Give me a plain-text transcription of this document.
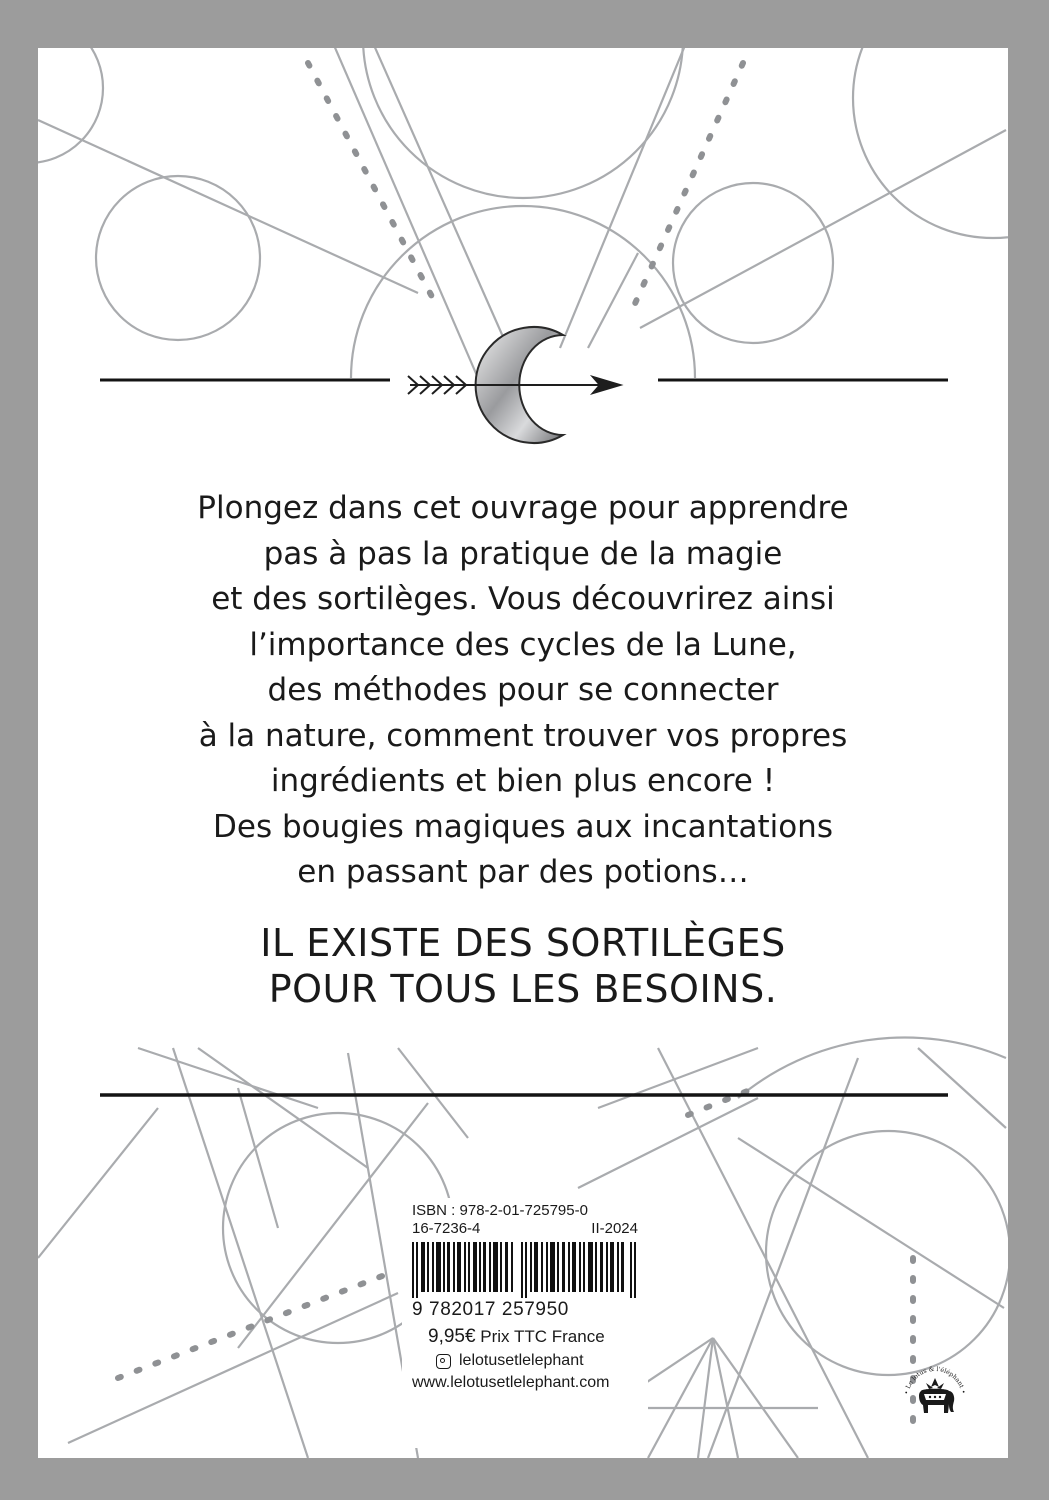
Plongez dans cet ouvrage pour apprendre
pas à pas la pratique de la magie
et des sortilèges. Vous découvrirez ainsi
l’importance des cycles de la Lune,
des méthodes pour se connecter
à la nature, comment trouver vos propres
ingrédients et bien plus encore !
Des bougies magiques aux incantations
en passant par des potions…
IL EXISTE DES SORTILÈGES
POUR TOUS LES BESOINS.
ISBN : 978-2-01-725795-0
16-7236-4	II-2024
9 782017 257950
9,95€ Prix TTC France
lelotusetlelephant
www.lelotusetlelephant.com
• Le lotus & l'éléphant •
